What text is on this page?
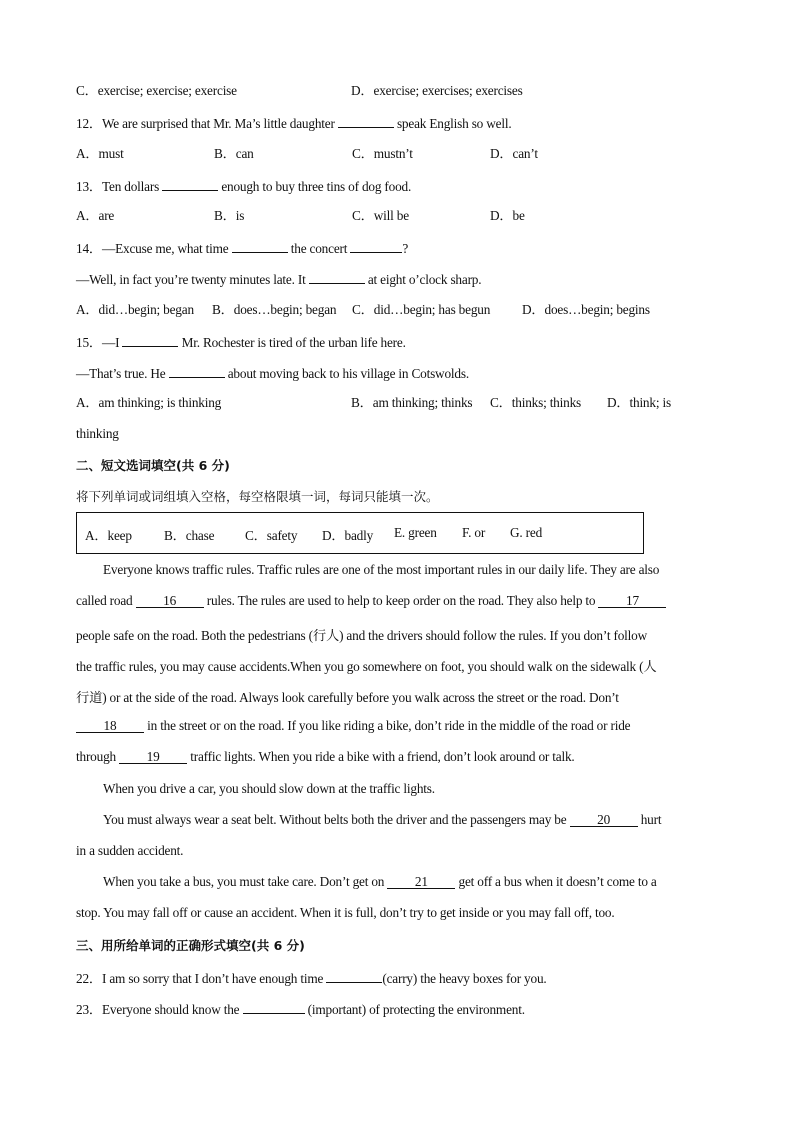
C．exercise; exercise; exercise	D．exercise; exercises; exercises
12．We are surprised that Mr. Ma’s little daughter	speak English so well.
A．must	B．can	C．mustn’t	D．can’t
13．Ten dollars	enough to buy three tins of dog food.
A．are	B．is	C．will be	D．be
14．—Excuse me, what time	the concert	?
—Well, in fact you’re twenty minutes late. It	at eight o’clock sharp.
A．did…begin; began B．does…begin; began C．did…begin; has begun D．does…begin; begins
15．—I	Mr. Rochester is tired of the urban life here.
—That’s true. He	about moving back to his village in Cotswolds.
A．am thinking; is thinking	B．am thinking; thinks C．thinks; thinks D．think; is
thinking
二、短文选词填空(共 6 分)
将下列单词或词组填入空格，每空格限填一词，每词只能填一次。
A．keep B．chase C．safety D．badly E. green F. or G. red
Everyone knows traffic rules. Traffic rules are one of the most important rules in our daily life. They are also
called road 16 rules. The rules are used to help to keep order on the road. They also help to 17
people safe on the road. Both the pedestrians (行人) and the drivers should follow the rules. If you don’t follow
the traffic rules, you may cause accidents.When you go somewhere on foot, you should walk on the sidewalk (人
行道) or at the side of the road. Always look carefully before you walk across the street or the road. Don’t
18 in the street or on the road. If you like riding a bike, don’t ride in the middle of the road or ride
through 19 traffic lights. When you ride a bike with a friend, don’t look around or talk.
When you drive a car, you should slow down at the traffic lights.
You must always wear a seat belt. Without belts both the driver and the passengers may be 20 hurt
in a sudden accident.
When you take a bus, you must take care. Don’t get on 21 get off a bus when it doesn’t come to a
stop. You may fall off or cause an accident. When it is full, don’t try to get inside or you may fall off, too.
三、用所给单词的正确形式填空(共 6 分)
22．I am so sorry that I don’t have enough time	(carry) the heavy boxes for you.
23．Everyone should know the	(important) of protecting the environment.
